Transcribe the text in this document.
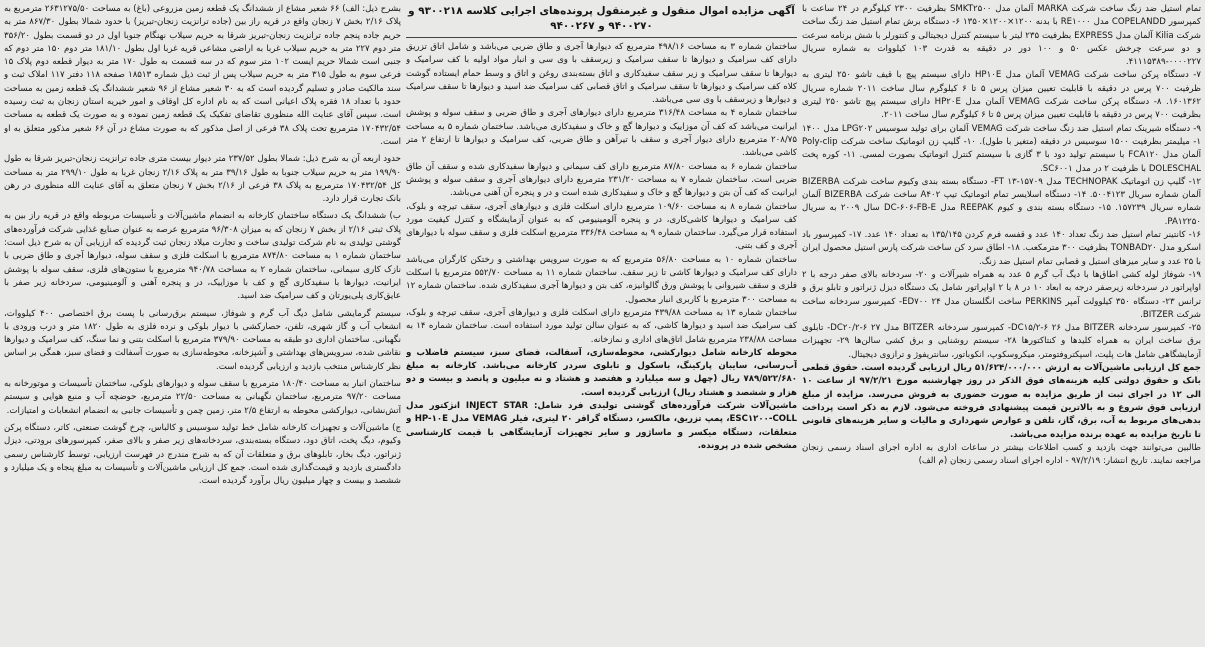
بشرح ذیل: الف) ۶۶ شعیر مشاع از ششدانگ یک قطعه زمین مزروعی (باغ) به مساحت ۲۶۳۱۲۷۵/۵۰ مترمربع به پلاک ۲/۱۶ بخش ۷ زنجان واقع در قریه راز بین (جاده ترانزیت زنجان-تبریز) با حدود شمالا بطول ۸۶۷/۳۰ متر به حریم جاده پنجم جاده ترانزیت زنجان-تبریز شرقا به حریم سیلاب نهنگام جنوبا اول در دو قسمت بطول ۳۵۶/۲۰ متر دوم ۲۲۷ متر به حریم سیلاب غربا به اراضی مشاعی قریه غربا اول بطول ۱۸۱/۱۰ متر دوم ۱۵۰ متر دوم که جنبی است شمالا حریم ایست ۱۰۲ متر سوم که در سه قسمت به طول ۱۷۰ متر به دیوار قطعه دوم پلاک ۱۵ فرعی سوم به طول ۳۱۵ متر به حریم سیلاب پس از ثبت ذیل شماره ۱۸۵۱۳ صفحه ۱۱۸ دفتر ۱۱۷ املاک ثبت و سند مالکیت صادر و تسلیم گردیده است که به ۳۰ شعیر مشاع از ۹۶ شعیر ششدانگ یک قطعه زمین به مساحت حدود با تعداد ۱۸ فقره پلاک اعیانی است که به نام اداره کل اوقاف و امور خیریه استان زنجان به ثبت رسیده است. سپس آقای عنایت الله منظوری تقاضای تفکیک یک قطعه زمین نموده و به صورت یک قطعه به مساحت ۱۷۰۴۳۲/۵۴ مترمربع تحت پلاک ۳۸ فرعی از اصل مذکور که به صورت مشاع در آن ۶۶ شعیر مذکور متعلق به او است.

حدود اربعه آن به شرح ذیل: شمالا بطول ۲۳۷/۵۲ متر دیوار بیست متری جاده ترانزیت زنجان-تبریز شرقا به طول ۱۹۹/۹۰ متر به حریم سیلاب جنوبا به طول ۳۹/۱۶ متر به پلاک ۲/۱۶ زنجان غربا به طول ۲۹۹/۱۰ متر به مساحت کل ۱۷۰۴۳۲/۵۴ مترمربع به پلاک ۳۸ فرعی از ۲/۱۶ بخش ۷ زنجان متعلق به آقای عنایت الله منظوری در رهن بانک تجارت قرار دارد.

ب) ششدانگ یک دستگاه ساختمان کارخانه به انضمام ماشین‌آلات و تأسیسات مربوطه واقع در قریه راز بین به پلاک ثبتی ۲/۱۶ از بخش ۷ زنجان که به میزان ۹۶/۳۰۸ مترمربع عرصه به عنوان صنایع غذایی شرکت فرآورده‌های گوشتی تولیدی به نام شرکت تولیدی ساخت و تجارت میلاد زنجان ثبت گردیده که ارزیابی آن به شرح ذیل است: ساختمان شماره ۱ به مساحت ۸۷۴/۸۰ مترمربع با اسکلت فلزی و سقف سوله، دیوارها آجری و طاق ضربی با نازک کاری سیمانی، ساختمان شماره ۲ به مساحت ۹۴۰/۷۸ مترمربع با ستون‌های فلزی، سقف سوله با پوشش ایرانیت، دیوارها با سفیدکاری گچ و کف با موزاییک، در و پنجره آهنی و آلومینیومی، سردخانه زیر صفر با عایق‌کاری پلی‌یورتان و کف سرامیک ضد اسید.

سیستم گرمایشی شامل دیگ آب گرم و شوفاژ، سیستم برق‌رسانی با پست برق اختصاصی ۴۰۰ کیلووات، انشعاب آب و گاز شهری، تلفن، حصارکشی با دیوار بلوکی و نرده فلزی به طول ۱۸۲۰ متر و درب ورودی با نگهبانی. ساختمان اداری دو طبقه به مساحت ۳۷۹/۹۰ مترمربع با اسکلت بتنی و نما سنگ، کف سرامیک و دیوارها نقاشی شده، سرویس‌های بهداشتی و آشپزخانه، محوطه‌سازی به صورت آسفالت و فضای سبز، همگی بر اساس نظر کارشناس منتخب بازدید و ارزیابی گردیده است.

ساختمان انبار به مساحت ۱۸۰/۴۰ مترمربع با سقف سوله و دیوارهای بلوکی، ساختمان تأسیسات و موتورخانه به مساحت ۹۷/۲۰ مترمربع، ساختمان نگهبانی به مساحت ۲۲/۵۰ مترمربع، حوضچه آب و منبع هوایی و سیستم آتش‌نشانی، دیوارکشی محوطه به ارتفاع ۲/۵ متر، زمین چمن و تأسیسات جانبی به انضمام انشعابات و امتیازات.

ج) ماشین‌آلات و تجهیزات کارخانه شامل خط تولید سوسیس و کالباس، چرخ گوشت صنعتی، کاتر، دستگاه پرکن وکیوم، دیگ پخت، اتاق دود، دستگاه بسته‌بندی، سردخانه‌های زیر صفر و بالای صفر، کمپرسورهای برودتی، دیزل ژنراتور، دیگ بخار، تابلوهای برق و متعلقات آن که به شرح مندرج در فهرست ارزیابی، توسط کارشناس رسمی دادگستری بازدید و قیمت‌گذاری شده است. جمع کل ارزیابی ماشین‌آلات و تأسیسات به مبلغ پنجاه و یک میلیارد و ششصد و بیست و چهار میلیون ریال برآورد گردیده است.

آگهی مزایده اموال منقول و غیرمنقول پرونده‌های اجرایی کلاسه ۹۳۰۰۲۱۸ و ۹۴۰۰۲۷۰ و ۹۴۰۰۲۶۷

ساختمان شماره ۳ به مساحت ۴۹۸/۱۶ مترمربع که دیوارها آجری و طاق ضربی می‌باشد و شامل اتاق تزریق دارای کف سرامیک و دیوارها تا سقف سرامیک و زیرسقف با وی سی و انبار مواد اولیه با کف سرامیک و دیوارها تا سقف سرامیک و زیر سقف سفیدکاری و اتاق بسته‌بندی روغن و اتاق و وسط حمام ایستاده گوشت کلاه کف سرامیک و دیوارها تا سقف سرامیک و اتاق قصابی کف سرامیک ضد اسید و دیوارها تا سقف سرامیک و دیوارها و زیرسقف با وی سی می‌باشد.

ساختمان شماره ۴ به مساحت ۳۱۶/۴۸ مترمربع دارای دیوارهای آجری و طاق ضربی و سقف سوله و پوشش ایرانیت می‌باشد که کف آن موزاییک و دیوارها گچ و خاک و سفیدکاری می‌باشد. ساختمان شماره ۵ به مساحت ۲۰۸/۷۵ مترمربع دارای دیوار آجری و سقف با تیرآهن و طاق ضربی، کف سرامیک و دیوارها تا ارتفاع ۲ متر کاشی می‌باشد.

ساختمان شماره ۶ به مساحت ۸۷/۸۰ مترمربع دارای کف سیمانی و دیوارها سفیدکاری شده و سقف آن طاق ضربی است. ساختمان شماره ۷ به مساحت ۲۳۱/۲۰ مترمربع دارای دیوارهای آجری و سقف سوله و پوشش ایرانیت که کف آن بتن و دیوارها گچ و خاک و سفیدکاری شده است و در و پنجره آن آهنی می‌باشد.

ساختمان شماره ۸ به مساحت ۱۰۹/۶۰ مترمربع دارای اسکلت فلزی و دیوارهای آجری، سقف تیرچه و بلوک، کف سرامیک و دیوارها کاشی‌کاری، در و پنجره آلومینیومی که به عنوان آزمایشگاه و کنترل کیفیت مورد استفاده قرار می‌گیرد. ساختمان شماره ۹ به مساحت ۳۳۶/۴۸ مترمربع اسکلت فلزی و سقف سوله با دیوارهای آجری و کف بتنی.

ساختمان شماره ۱۰ به مساحت ۵۶/۸۰ مترمربع که به صورت سرویس بهداشتی و رختکن کارگران می‌باشد دارای کف سرامیک و دیوارها کاشی تا زیر سقف. ساختمان شماره ۱۱ به مساحت ۵۵۲/۷۰ مترمربع با اسکلت فلزی و سقف شیروانی با پوشش ورق گالوانیزه، کف بتن و دیوارها آجری سفیدکاری شده. ساختمان شماره ۱۲ به مساحت ۳۰۰ مترمربع با کاربری انبار محصول.

ساختمان شماره ۱۳ به مساحت ۴۳۹/۸۸ مترمربع دارای اسکلت فلزی و دیوارهای آجری، سقف تیرچه و بلوک، کف سرامیک ضد اسید و دیوارها کاشی، که به عنوان سالن تولید مورد استفاده است. ساختمان شماره ۱۴ به مساحت ۲۳۸/۸۸ مترمربع شامل اتاق‌های اداری و نمازخانه.

محوطه کارخانه شامل دیوارکشی، محوطه‌سازی، آسفالت، فضای سبز، سیستم فاضلاب و آب‌رسانی، سایبان پارکینگ، باسکول و تابلوی سردر کارخانه می‌باشد. کارخانه به مبلغ ۷۸۹/۵۲۲/۶۸۰ ریال (چهل و سه میلیارد و هفتصد و هشتاد و نه میلیون و پانصد و بیست و دو هزار و ششصد و هشتاد ریال) ارزیابی گردیده است.

ماشین‌آلات شرکت فرآورده‌های گوشتی تولیدی فرد شامل: INJECT STAR انژکتور مدل ESC۱۲۰۰-COLL، پمپ تزریق، مالکسر، دستگاه گرافر ۲۰ لیتری، فیلر VEMAG مدل HP-۱۰E و متعلقات، دستگاه میکسر و ماساژور و سایر تجهیزات آزمایشگاهی با قیمت کارشناسی مشخص شده در پرونده.

تمام استیل ضد زنگ ساخت شرکت MARKA آلمان مدل SMKT۲۵۰۰ بظرفیت ۲۳۰۰ کیلوگرم در ۲۴ ساعت با کمپرسور COPELANDD مدل RE۱۰۰۰ با بدنه ۱۲۰۰×۱۲۰۰×۱۳۵۰ ۶- دستگاه برش تمام استیل ضد زنگ ساخت شرکت Kilia آلمان مدل EXPRESS بظرفیت ۲۳۵ لیتر با سیستم کنترل دیجیتالی و کنتورلر با شش برنامه سرعت و دو سرعت چرخش عکس ۵۰ و ۱۰۰ دور در دقیقه به قدرت ۱۰۳ کیلووات به شماره سریال ۰۰۰۰۲۲۷-۴۱۱۱۵۳۸۹.

۷- دستگاه پرکن ساخت شرکت VEMAG آلمان مدل HP۱۰E دارای سیستم پیچ با قیف تاشو ۲۵۰ لیتری به ظرفیت ۷۰۰ پرس در دقیقه با قابلیت تعیین میزان پرس ۵ تا ۶ کیلوگرم سال ساخت ۲۰۱۱ شماره سریال ۱۶۰۱۳۶۲. ۸- دستگاه پرکن ساخت شرکت VEMAG آلمان مدل HP۲۰E دارای سیستم پیچ تاشو ۲۵۰ لیتری بظرفیت ۷۰۰ پرس در دقیقه با قابلیت تعیین میزان پرس ۵ تا ۶ کیلوگرم سال ساخت ۲۰۱۱.

۹- دستگاه شیرینک تمام استیل ضد زنگ ساخت شرکت VEMAG آلمان برای تولید سوسیس LPG۲۰۲ مدل ۱۴۰۰ ۱- میلیمتر بظرفیت ۱۵۰۰ سوسیس در دقیقه (متغیر با طول). ۱۰- گلیپ زن اتوماتیک ساخت شرکت Poly-clip آلمان مدل FCA۱۲۰ با سیستم تولید دود با ۳ گازی با سیستم کنترل اتوماتیک بصورت لمسی. ۱۱- کوره پخت DOLESCHAL با ظرفیت ۲ در مدل SC۶۰۰۱.

۱۲- گلیپ زن اتوماتیک TECHNOPAK مدل ۱۵۷۰۹-FT ۱۳- دستگاه بسته بندی وکیوم ساخت شرکت BIZERBA آلمان شماره سریال ۵۰۰۴۱۲۳. ۱۴- دستگاه اسلایسر تمام اتوماتیک تیپ A۴۰۲ ساخت شرکت BIZERBA آلمان شماره سریال ۱۵۷۲۳۹. ۱۵- دستگاه بسته بندی و کیوم REEPAK مدل DC-۶۰۶-FB-E سال ۲۰۰۹ به سریال PA۱۲۲۵۰.

۱۶- کانتینر تمام استیل ضد زنگ تعداد ۱۴۰ عدد و قفسه فرم کردن ۱۳۵/۱۴۵ به تعداد ۱۴۰ عدد. ۱۷- کمپرسور باد اسکرو مدل TONBAD۲۰ بظرفیت ۳۰۰ مترمکعب. ۱۸- اطاق سرد کن ساخت شرکت پارس استیل محصول ایران با ۲۵ عدد و سایر میزهای استیل و قصابی تمام استیل ضد زنگ.

۱۹- شوفاژ لوله کشی اطاق‌ها با دیگ آب گرم ۵ عدد به همراه شیرآلات و ۲۰- سردخانه بالای صفر درجه با ۲ اواپراتور در سردخانه زیرصفر درجه به ابعاد ۱۰ در ۸ با ۲ اواپراتور شامل یک دستگاه دیزل ژنراتور و تابلو برق و ترانس ۲۳- دستگاه ۳۵۰ کیلوولت آمپر PERKINS ساخت انگلستان مدل ED۷۰۰ ۲۴- کمپرسور سردخانه ساخت شرکت BITZER.

۲۵- کمپرسور سردخانه BITZER مدل DC۱۵/۲-۶ ۲۶- کمپرسور سردخانه BITZER مدل DC۲۰/۲-۶ ۲۷- تابلوی برق ساخت ایران به همراه کلیدها و کنتاکتورها ۲۸- سیستم روشنایی و برق کشی سالن‌ها ۲۹- تجهیزات آزمایشگاهی شامل هات پلیت، اسپکتروفتومتر، میکروسکوپ، انکوباتور، سانتریفوژ و ترازوی دیجیتال.

جمع کل ارزیابی ماشین‌آلات به ارزش ۵۱/۶۲۴/۰۰۰/۰۰۰ ریال ارزیابی گردیده است. حقوق قطعی بانک و حقوق دولتی کلیه هزینه‌های فوق الذکر در روز چهارشنبه مورخ ۹۷/۲/۲۱ از ساعت ۱۰ الی ۱۲ در اجرای ثبت از طریق مزایده به صورت حضوری به فروش می‌رسد. مزایده از مبلغ ارزیابی فوق شروع و به بالاترین قیمت پیشنهادی فروخته می‌شود. لازم به ذکر است پرداخت بدهی‌های مربوط به آب، برق، گاز، تلفن و عوارض شهرداری و مالیات و سایر هزینه‌های قانونی تا تاریخ مزایده به عهده برنده مزایده می‌باشد.

طالبین می‌توانند جهت بازدید و کسب اطلاعات بیشتر در ساعات اداری به اداره اجرای اسناد رسمی زنجان مراجعه نمایند. تاریخ انتشار: ۹۷/۲/۱۹ - اداره اجرای اسناد رسمی زنجان (م الف)
